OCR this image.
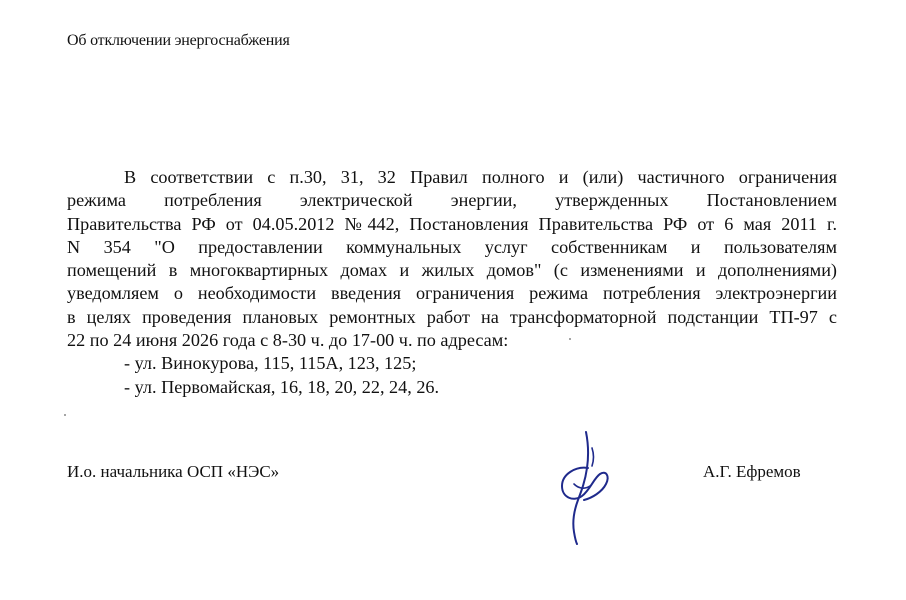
Об отключении энергоснабжения
В соответствии с п.30, 31, 32 Правил полного и (или) частичного ограничения
режима потребления электрической энергии, утвержденных Постановлением
Правительства РФ от 04.05.2012 №442, Постановления Правительства РФ от 6 мая 2011 г.
N 354 "О предоставлении коммунальных услуг собственникам и пользователям
помещений в многоквартирных домах и жилых домов" (с изменениями и дополнениями)
уведомляем о необходимости введения ограничения режима потребления электроэнергии
в целях проведения плановых ремонтных работ на трансформаторной подстанции ТП-97 с
22 по 24 июня 2026 года с 8-30 ч. до 17-00 ч. по адресам:
- ул. Винокурова, 115, 115А, 123, 125;
- ул. Первомайская, 16, 18, 20, 22, 24, 26.
И.о. начальника ОСП «НЭС»	А.Г. Ефремов
